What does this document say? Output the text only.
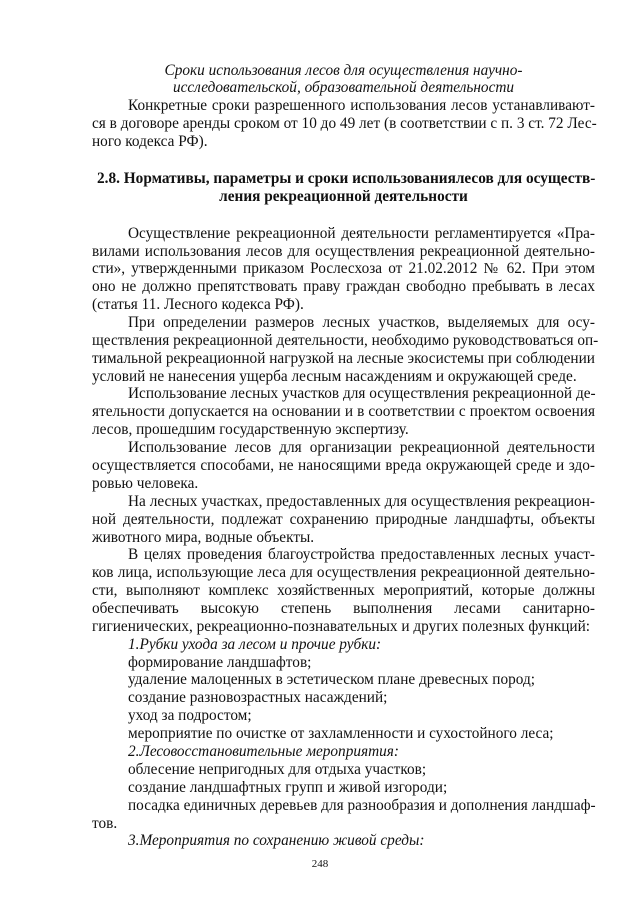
Сроки использования лесов для осуществления научно-
исследовательской, образовательной деятельности
Конкретные сроки разрешенного использования лесов устанавливают-
ся в договоре аренды сроком от 10 до 49 лет (в соответствии с п. 3 ст. 72 Лес-
ного кодекса РФ).
2.8. Нормативы, параметры и сроки использованиялесов для осуществ-
ления рекреационной деятельности
Осуществление рекреационной деятельности регламентируется «Пра-
вилами использования лесов для осуществления рекреационной деятельно-
сти», утвержденными приказом Рослесхоза от 21.02.2012 № 62. При этом
оно не должно препятствовать праву граждан свободно пребывать в лесах
(статья 11. Лесного кодекса РФ).
При определении размеров лесных участков, выделяемых для осу-
ществления рекреационной деятельности, необходимо руководствоваться оп-
тимальной рекреационной нагрузкой на лесные экосистемы при соблюдении
условий не нанесения ущерба лесным насаждениям и окружающей среде.
Использование лесных участков для осуществления рекреационной де-
ятельности допускается на основании и в соответствии с проектом освоения
лесов, прошедшим государственную экспертизу.
Использование лесов для организации рекреационной деятельности
осуществляется способами, не наносящими вреда окружающей среде и здо-
ровью человека.
На лесных участках, предоставленных для осуществления рекреацион-
ной деятельности, подлежат сохранению природные ландшафты, объекты
животного мира, водные объекты.
В целях проведения благоустройства предоставленных лесных участ-
ков лица, использующие леса для осуществления рекреационной деятельно-
сти, выполняют комплекс хозяйственных мероприятий, которые должны
обеспечивать высокую степень выполнения лесами санитарно-
гигиенических, рекреационно-познавательных и других полезных функций:
1.Рубки ухода за лесом и прочие рубки:
формирование ландшафтов;
удаление малоценных в эстетическом плане древесных пород;
создание разновозрастных насаждений;
уход за подростом;
мероприятие по очистке от захламленности и сухостойного леса;
2.Лесовосстановительные мероприятия:
облесение непригодных для отдыха участков;
создание ландшафтных групп и живой изгороди;
посадка единичных деревьев для разнообразия и дополнения ландшаф-
тов.
3.Мероприятия по сохранению живой среды:
248
